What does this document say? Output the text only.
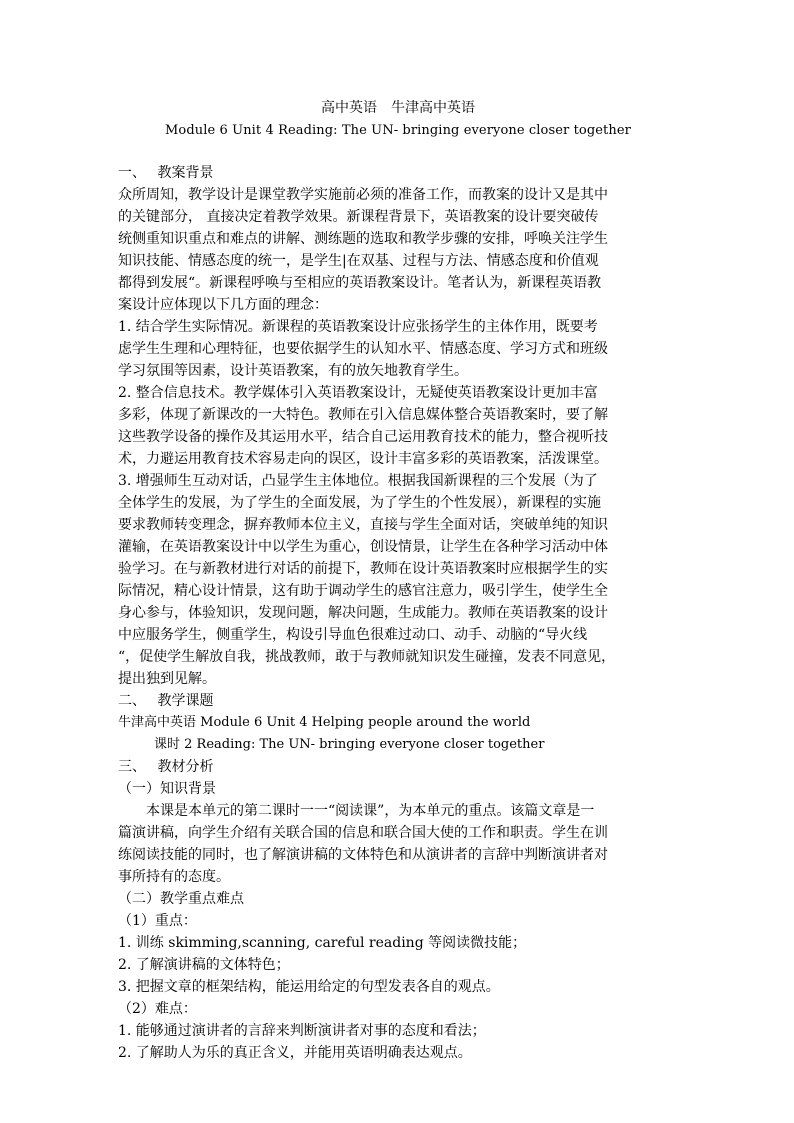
高中英语　牛津高中英语
Module 6 Unit 4 Reading: The UN- bringing everyone closer together
一、　 教案背景
众所周知，教学设计是课堂教学实施前必须的准备工作，而教案的设计又是其中
的关键部分， 直接决定着教学效果。新课程背景下，英语教案的设计要突破传
统侧重知识重点和难点的讲解、测练题的选取和教学步骤的安排，呼唤关注学生
知识技能、情感态度的统一，是学生|在双基、过程与方法、情感态度和价值观
都得到发展“。新课程呼唤与至相应的英语教案设计。笔者认为，新课程英语教
案设计应体现以下几方面的理念：
1. 结合学生实际情况。新课程的英语教案设计应张扬学生的主体作用，既要考
虑学生生理和心理特征，也要依据学生的认知水平、情感态度、学习方式和班级
学习氛围等因素，设计英语教案，有的放矢地教育学生。
2. 整合信息技术。教学媒体引入英语教案设计，无疑使英语教案设计更加丰富
多彩，体现了新课改的一大特色。教师在引入信息媒体整合英语教案时，要了解
这些教学设备的操作及其运用水平，结合自己运用教育技术的能力，整合视听技
术，力避运用教育技术容易走向的误区，设计丰富多彩的英语教案，活泼课堂。
3. 增强师生互动对话，凸显学生主体地位。根据我国新课程的三个发展（为了
全体学生的发展，为了学生的全面发展，为了学生的个性发展），新课程的实施
要求教师转变理念，摒弃教师本位主义，直接与学生全面对话，突破单纯的知识
灌输，在英语教案设计中以学生为重心，创设情景，让学生在各种学习活动中体
验学习。在与新教材进行对话的前提下，教师在设计英语教案时应根据学生的实
际情况，精心设计情景，这有助于调动学生的感官注意力，吸引学生，使学生全
身心参与，体验知识，发现问题，解决问题，生成能力。教师在英语教案的设计
中应服务学生，侧重学生，构设引导血色很难过动口、动手、动脑的“导火线
“，促使学生解放自我，挑战教师，敢于与教师就知识发生碰撞，发表不同意见，
提出独到见解。
二、　 教学课题
牛津高中英语 Module 6 Unit 4 Helping people around the world
课时 2 Reading: The UN- bringing everyone closer together
三、　 教材分析
（一）知识背景
　　本课是本单元的第二课时一一“阅读课”，为本单元的重点。该篇文章是一
篇演讲稿，向学生介绍有关联合国的信息和联合国大使的工作和职责。学生在训
练阅读技能的同时，也了解演讲稿的文体特色和从演讲者的言辞中判断演讲者对
事所持有的态度。
（二）教学重点难点
（1）重点：
1. 训练 skimming,scanning, careful reading 等阅读微技能；
2. 了解演讲稿的文体特色；
3. 把握文章的框架结构，能运用给定的句型发表各自的观点。
（2）难点：
1. 能够通过演讲者的言辞来判断演讲者对事的态度和看法；
2. 了解助人为乐的真正含义，并能用英语明确表达观点。
